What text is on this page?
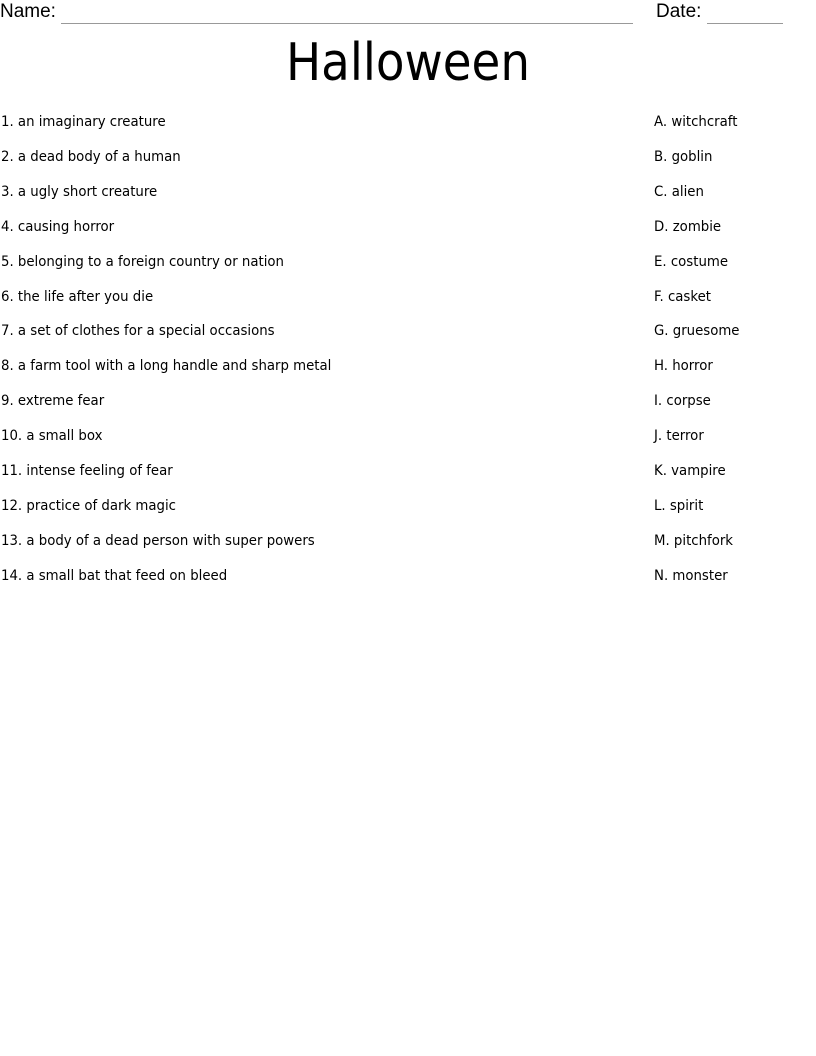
Name:	Date:
Halloween
1. an imaginary creature	A. witchcraft
2. a dead body of a human	B. goblin
3. a ugly short creature	C. alien
4. causing horror	D. zombie
5. belonging to a foreign country or nation	E. costume
6. the life after you die	F. casket
7. a set of clothes for a special occasions	G. gruesome
8. a farm tool with a long handle and sharp metal	H. horror
9. extreme fear	I. corpse
10. a small box	J. terror
11. intense feeling of fear	K. vampire
12. practice of dark magic	L. spirit
13. a body of a dead person with super powers	M. pitchfork
14. a small bat that feed on bleed	N. monster
